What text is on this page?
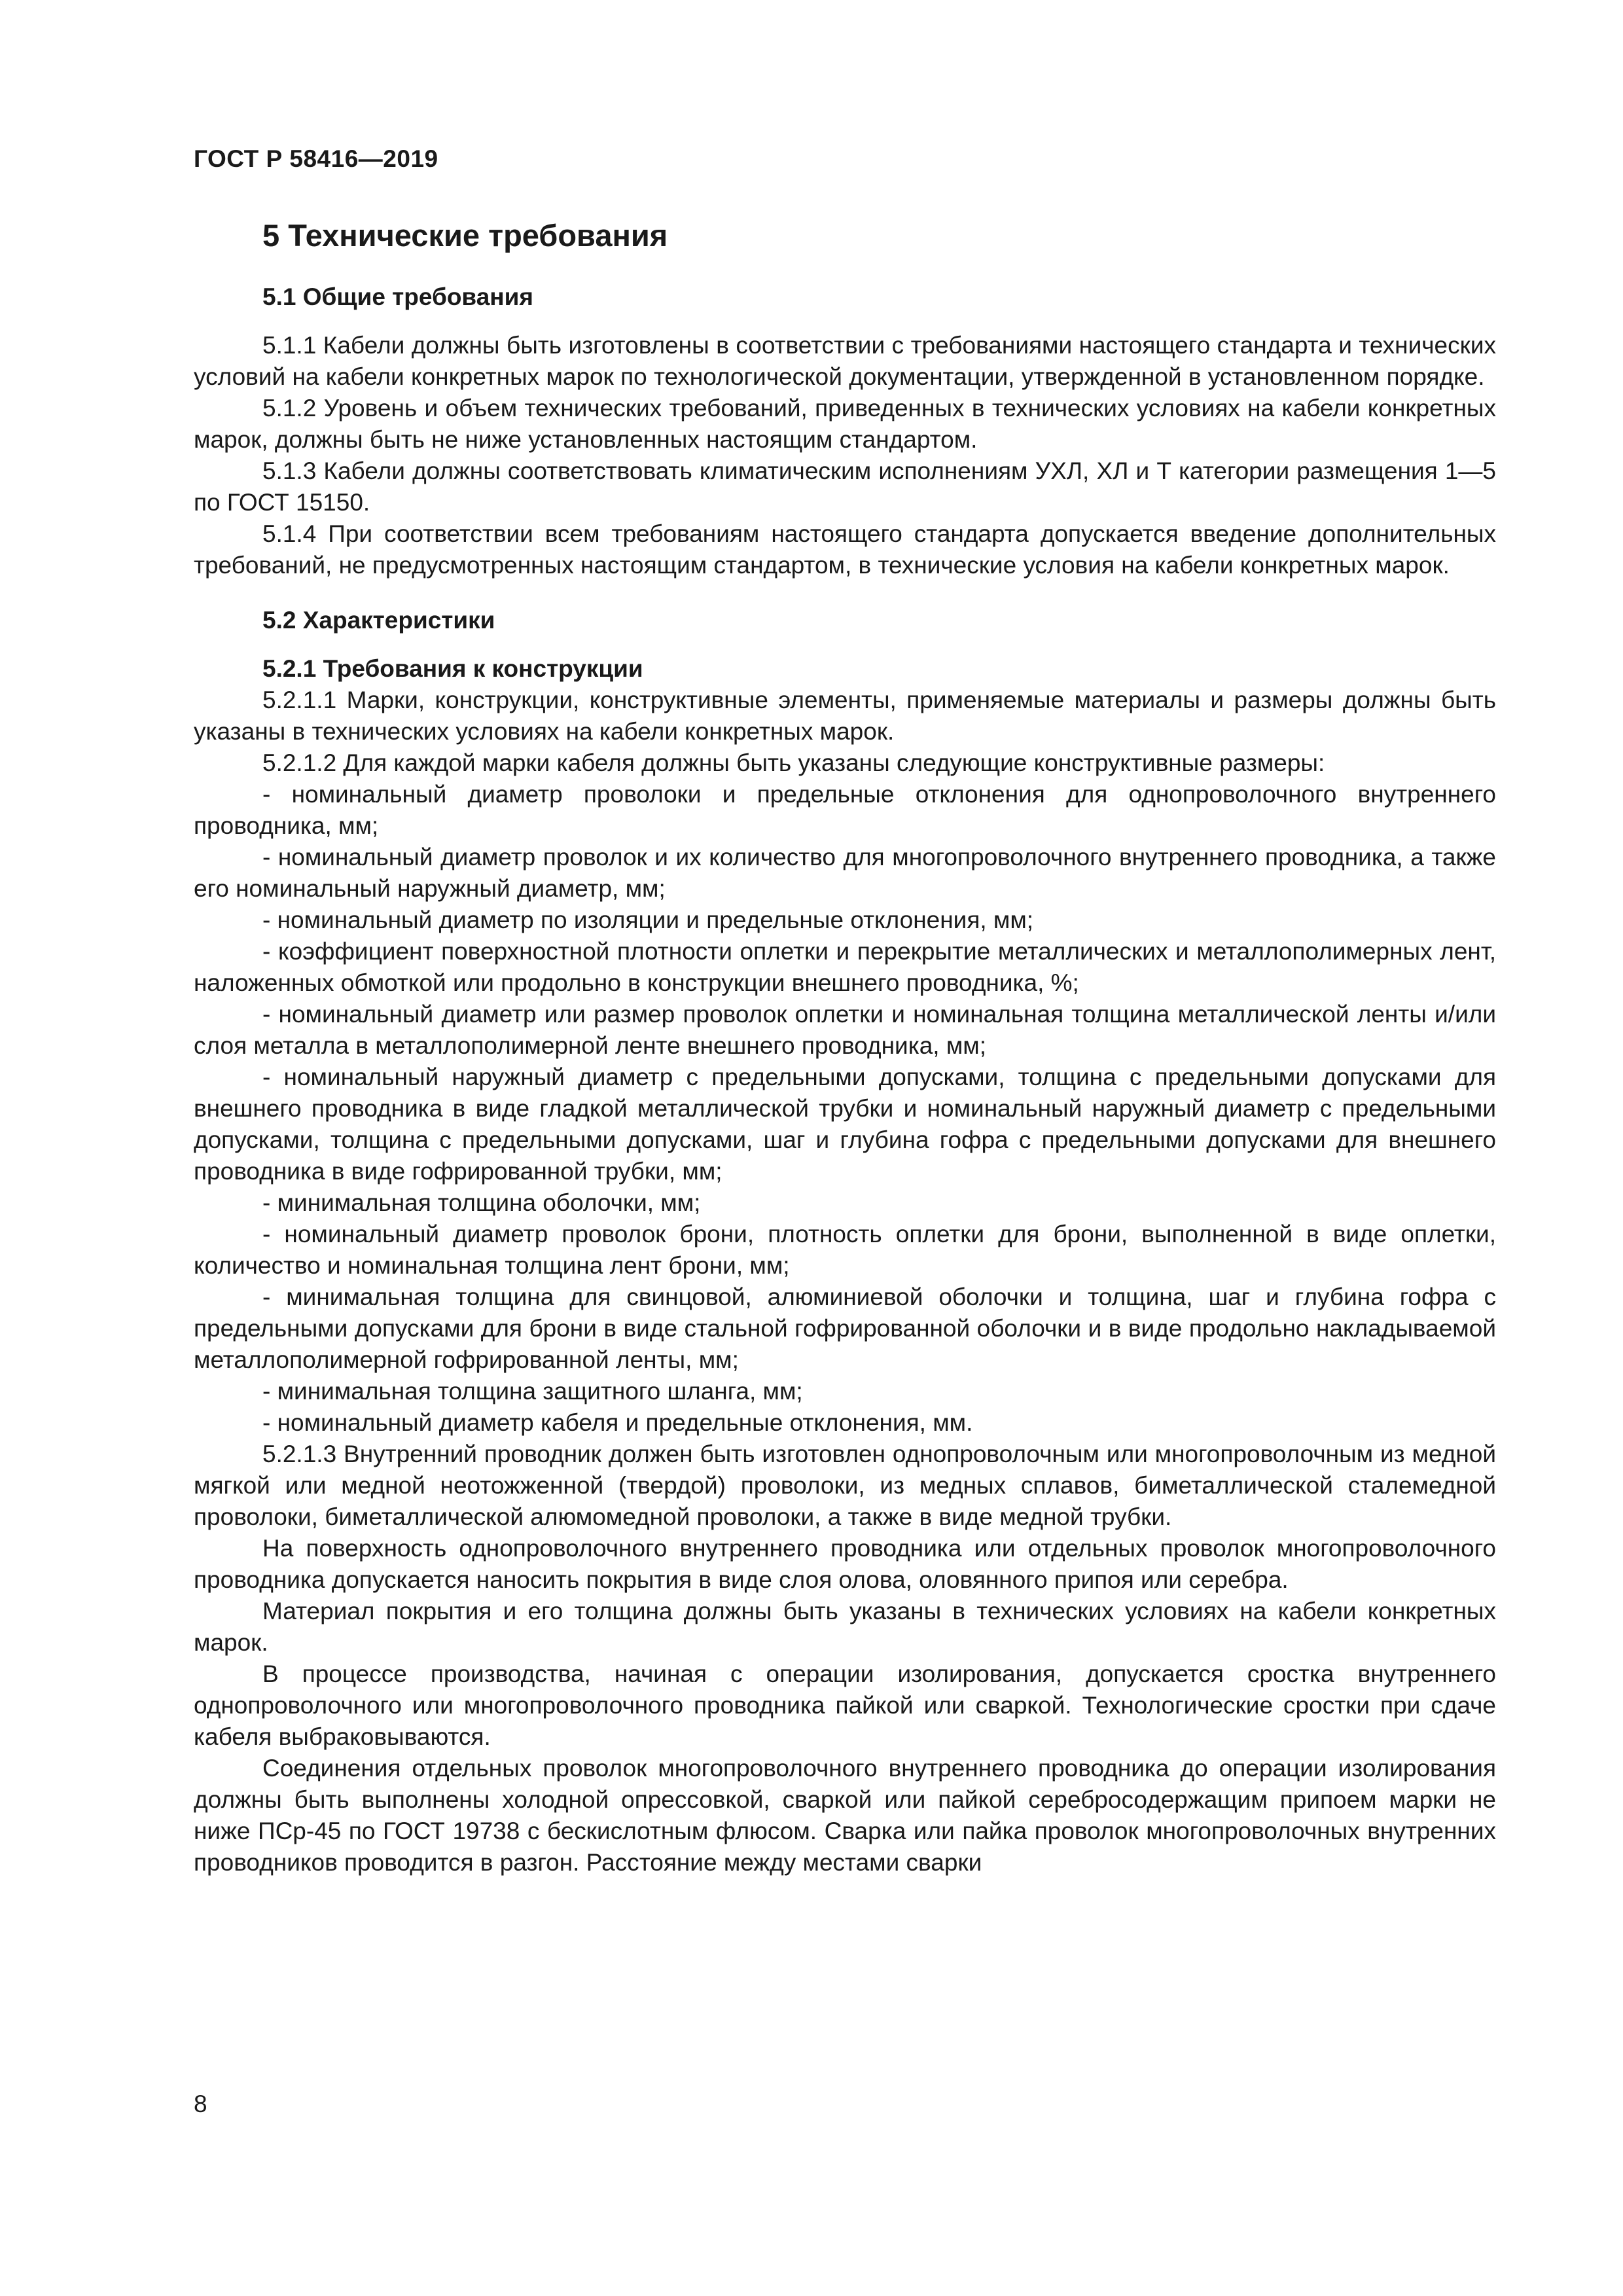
ГОСТ Р 58416—2019
5 Технические требования

5.1 Общие требования

5.1.1 Кабели должны быть изготовлены в соответствии с требованиями настоящего стандарта и технических условий на кабели конкретных марок по технологической документации, утвержденной в установленном порядке.

5.1.2 Уровень и объем технических требований, приведенных в технических условиях на кабели конкретных марок, должны быть не ниже установленных настоящим стандартом.

5.1.3 Кабели должны соответствовать климатическим исполнениям УХЛ, ХЛ и Т категории размещения 1—5 по ГОСТ 15150.

5.1.4 При соответствии всем требованиям настоящего стандарта допускается введение дополнительных требований, не предусмотренных настоящим стандартом, в технические условия на кабели конкретных марок.

5.2 Характеристики

5.2.1 Требования к конструкции

5.2.1.1 Марки, конструкции, конструктивные элементы, применяемые материалы и размеры должны быть указаны в технических условиях на кабели конкретных марок.

5.2.1.2 Для каждой марки кабеля должны быть указаны следующие конструктивные размеры:

- номинальный диаметр проволоки и предельные отклонения для однопроволочного внутреннего проводника, мм;

- номинальный диаметр проволок и их количество для многопроволочного внутреннего проводника, а также его номинальный наружный диаметр, мм;

- номинальный диаметр по изоляции и предельные отклонения, мм;

- коэффициент поверхностной плотности оплетки и перекрытие металлических и металлополимерных лент, наложенных обмоткой или продольно в конструкции внешнего проводника, %;

- номинальный диаметр или размер проволок оплетки и номинальная толщина металлической ленты и/или слоя металла в металлополимерной ленте внешнего проводника, мм;

- номинальный наружный диаметр с предельными допусками, толщина с предельными допусками для внешнего проводника в виде гладкой металлической трубки и номинальный наружный диаметр с предельными допусками, толщина с предельными допусками, шаг и глубина гофра с предельными допусками для внешнего проводника в виде гофрированной трубки, мм;

- минимальная толщина оболочки, мм;

- номинальный диаметр проволок брони, плотность оплетки для брони, выполненной в виде оплетки, количество и номинальная толщина лент брони, мм;

- минимальная толщина для свинцовой, алюминиевой оболочки и толщина, шаг и глубина гофра с предельными допусками для брони в виде стальной гофрированной оболочки и в виде продольно накладываемой металлополимерной гофрированной ленты, мм;

- минимальная толщина защитного шланга, мм;

- номинальный диаметр кабеля и предельные отклонения, мм.

5.2.1.3 Внутренний проводник должен быть изготовлен однопроволочным или многопроволочным из медной мягкой или медной неотожженной (твердой) проволоки, из медных сплавов, биметаллической сталемедной проволоки, биметаллической алюмомедной проволоки, а также в виде медной трубки.

На поверхность однопроволочного внутреннего проводника или отдельных проволок многопроволочного проводника допускается наносить покрытия в виде слоя олова, оловянного припоя или серебра.

Материал покрытия и его толщина должны быть указаны в технических условиях на кабели конкретных марок.

В процессе производства, начиная с операции изолирования, допускается сростка внутреннего однопроволочного или многопроволочного проводника пайкой или сваркой. Технологические сростки при сдаче кабеля выбраковываются.

Соединения отдельных проволок многопроволочного внутреннего проводника до операции изолирования должны быть выполнены холодной опрессовкой, сваркой или пайкой серебросодержащим припоем марки не ниже ПСр-45 по ГОСТ 19738 с бескислотным флюсом. Сварка или пайка проволок многопроволочных внутренних проводников проводится в разгон. Расстояние между местами сварки

8
